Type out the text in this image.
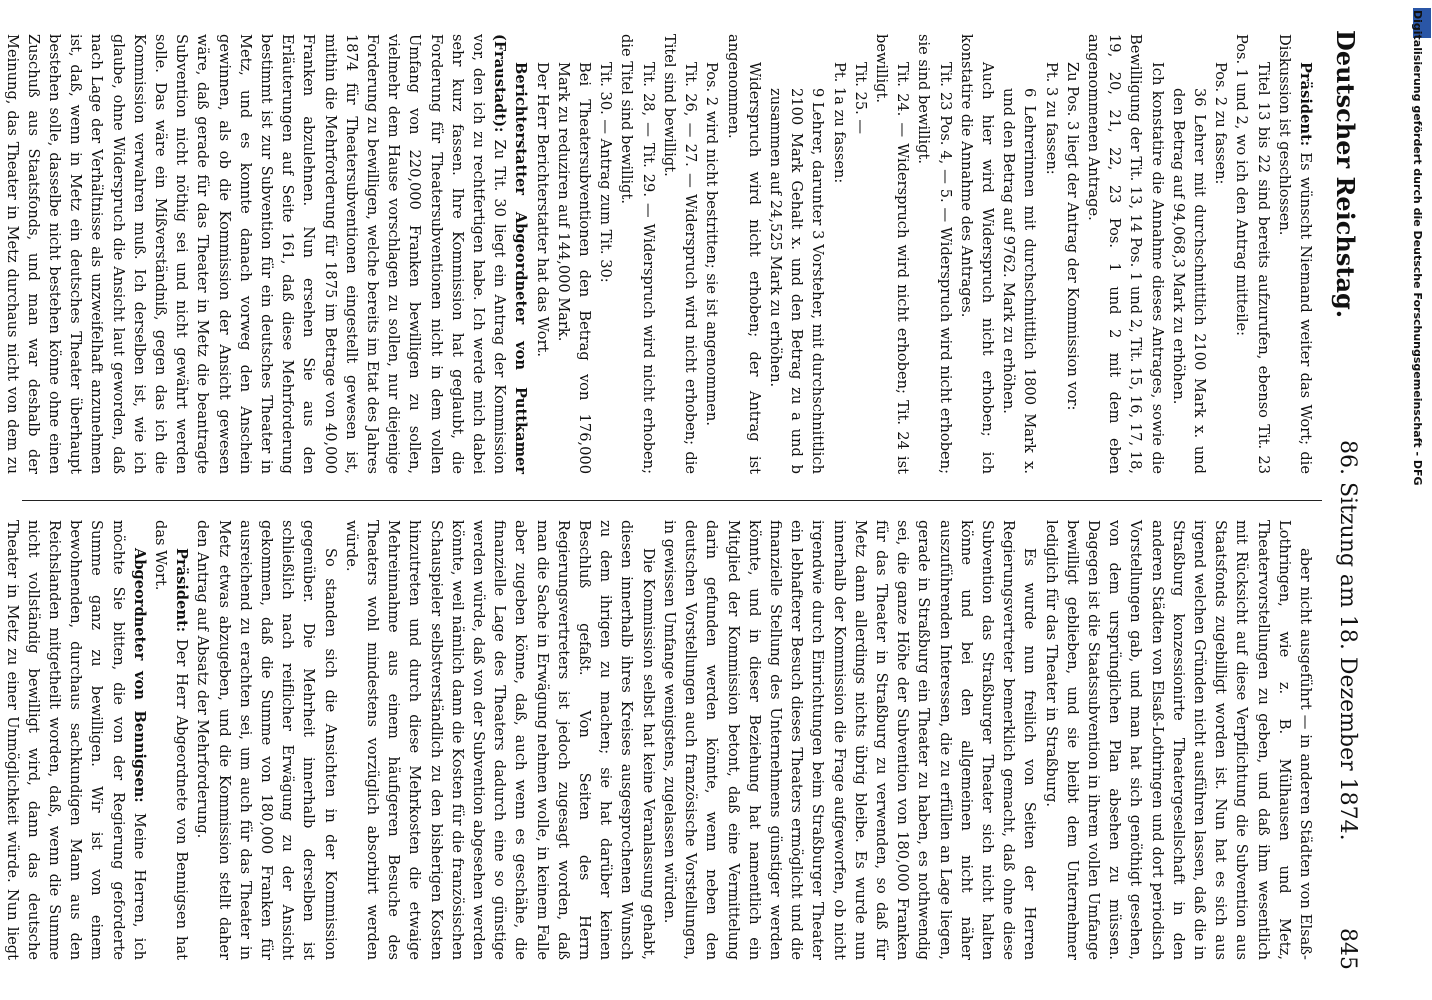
Deutscher Reichstag.
86. Sitzung am 18. Dezember 1874.
845

Präsident: Es wünscht Niemand weiter das Wort; die Diskussion ist geschlossen.

Titel 13 bis 22 sind bereits aufzurufen, ebenso Tit. 23 Pos. 1 und 2, wo ich den Antrag mitteile:

Pos. 2 zu fassen:

36 Lehrer mit durchschnittlich 2100 Mark x. und den Betrag auf 94,068,3 Mark zu erhöhen.

Ich konstatire die Annahme dieses Antrages, sowie die Bewilligung der Tit. 13, 14 Pos. 1 und 2, Tit. 15, 16, 17, 18, 19, 20, 21, 22, 23 Pos. 1 und 2 mit dem eben angenommenen Antrage.

Zu Pos. 3 liegt der Antrag der Kommission vor:

Pt. 3 zu fassen:

6 Lehrerinnen mit durchschnittlich 1800 Mark x. und den Betrag auf 9762. Mark zu erhöhen.

Auch hier wird Widerspruch nicht erhoben; ich konstatire die Annahme des Antrages.

Tit. 23 Pos. 4, — 5. — Widerspruch wird nicht erhoben; sie sind bewilligt.

Tit. 24. — Widerspruch wird nicht erhoben; Tit. 24 ist bewilligt.

Tit. 25. —

Pt. 1a zu fassen:

9 Lehrer, darunter 3 Vorsteher, mit durchschnittlich 2100 Mark Gehalt x. und den Betrag zu a und b zusammen auf 24,525 Mark zu erhöhen.

Widerspruch wird nicht erhoben; der Antrag ist angenommen.

Pos. 2 wird nicht bestritten; sie ist angenommen.

Tit. 26, — 27. — Widerspruch wird nicht erhoben; die Titel sind bewilligt.

Tit. 28, — Tit. 29. — Widerspruch wird nicht erhoben; die Titel sind bewilligt.

Tit. 30. — Antrag zum Tit. 30:

Bei Theatersubventionen den Betrag von 176,000 Mark zu reduziren auf 144,000 Mark.

Der Herr Berichterstatter hat das Wort.

Berichterstatter Abgeordneter von Puttkamer (Fraustadt): Zu Tit. 30 liegt ein Antrag der Kommission vor, den ich zu rechtfertigen habe. Ich werde mich dabei sehr kurz fassen. Ihre Kommission hat geglaubt, die Forderung für Theatersubventionen nicht in dem vollen Umfang von 220,000 Franken bewilligen zu sollen, vielmehr dem Hause vorschlagen zu sollen, nur diejenige Forderung zu bewilligen, welche bereits im Etat des Jahres 1874 für Theatersubventionen eingestellt gewesen ist, mithin die Mehrforderung für 1875 im Betrage von 40,000 Franken abzulehnen. Nun ersehen Sie aus den Erläuterungen auf Seite 161, daß diese Mehrforderung bestimmt ist zur Subvention für ein deutsches Theater in Metz, und es konnte danach vorweg den Anschein gewinnen, als ob die Kommission der Ansicht gewesen wäre, daß gerade für das Theater in Metz die beantragte Subvention nicht nöthig sei und nicht gewährt werden solle. Das wäre ein Mißverständniß, gegen das ich die Kommission verwahren muß. Ich derselben ist, wie ich glaube, ohne Widerspruch die Ansicht laut geworden, daß nach Lage der Verhältnisse als unzweifelhaft anzunehmen ist, daß, wenn in Metz ein deutsches Theater überhaupt bestehen solle, dasselbe nicht bestehen könne ohne einen Zuschuß aus Staatsfonds, und man war deshalb der Meinung, das Theater in Metz durchaus nicht von dem zu

aber nicht ausgeführt — in anderen Städten von Elsaß-Lothringen, wie z. B. Mülhausen und Metz, Theatervorstellungen zu geben, und daß ihm wesentlich mit Rücksicht auf diese Verpflichtung die Subvention aus Staatsfonds zugebilligt worden ist. Nun hat es sich aus irgend welchen Gründen nicht ausführen lassen, daß die in Straßburg konzessionirte Theatergesellschaft in den anderen Städten von Elsaß-Lothringen und dort periodisch Vorstellungen gab, und man hat sich genöthigt gesehen, von dem ursprünglichen Plan absehen zu müssen. Dagegen ist die Staatssubvention in ihrem vollen Umfange bewilligt geblieben, und sie bleibt dem Unternehmer lediglich für das Theater in Straßburg.

Es wurde nun freilich von Seiten der Herren Regierungsvertreter bemerklich gemacht, daß ohne diese Subvention das Straßburger Theater sich nicht halten könne und bei den allgemeinen nicht näher auszuführenden Interessen, die zu erfüllen an Lage liegen, gerade in Straßburg ein Theater zu haben, es nothwendig sei, die ganze Höhe der Subvention von 180,000 Franken für das Theater in Straßburg zu verwenden, so daß für Metz dann allerdings nichts übrig bleibe. Es wurde nun innerhalb der Kommission die Frage aufgeworfen, ob nicht irgendwie durch Einrichtungen beim Straßburger Theater ein lebhafterer Besuch dieses Theaters ermöglicht und die finanzielle Stellung des Unternehmens günstiger werden könnte, und in dieser Beziehung hat namentlich ein Mitglied der Kommission betont, daß eine Vermittelung darin gefunden werden könnte, wenn neben den deutschen Vorstellungen auch französische Vorstellungen, in gewissen Umfange wenigstens, zugelassen würden.

Die Kommission selbst hat keine Veranlassung gehabt, diesen innerhalb ihres Kreises ausgesprochenen Wunsch zu dem ihrigen zu machen; sie hat darüber keinen Beschluß gefaßt. Von Seiten des Herrn Regierungsvertreters ist jedoch zugesagt worden, daß man die Sache in Erwägung nehmen wolle, in keinem Falle aber zugeben könne, daß, auch wenn es geschähe, die finanzielle Lage des Theaters dadurch eine so günstige werden würde, daß von der Subvention abgesehen werden könnte, weil nämlich dann die Kosten für die französischen Schauspieler selbstverständlich zu den bisherigen Kosten hinzutreten und durch diese Mehrkosten die etwaige Mehreinnahme aus einem häufigeren Besuche des Theaters wohl mindestens vorzüglich absorbirt werden würde.

So standen sich die Ansichten in der Kommission gegenüber. Die Mehrheit innerhalb derselben ist schließlich nach reiflicher Erwägung zu der Ansicht gekommen, daß die Summe von 180,000 Franken für ausreichend zu erachten sei, um auch für das Theater in Metz etwas abzugeben, und die Kommission stellt daher den Antrag auf Absatz der Mehrforderung.

Präsident: Der Herr Abgeordnete von Bennigsen hat das Wort.

Abgeordneter von Bennigsen: Meine Herren, ich möchte Sie bitten, die von der Regierung geforderte Summe ganz zu bewilligen. Wir ist von einem bewohnenden, durchaus sachkundigen Mann aus den Reichslanden mitgetheilt worden, daß, wenn die Summe nicht vollständig bewilligt wird, dann das deutsche Theater in Metz zu einer Unmöglichkeit würde. Nun liegt

Digitalisierung gefördert durch die Deutsche Forschungsgemeinschaft - DFG
